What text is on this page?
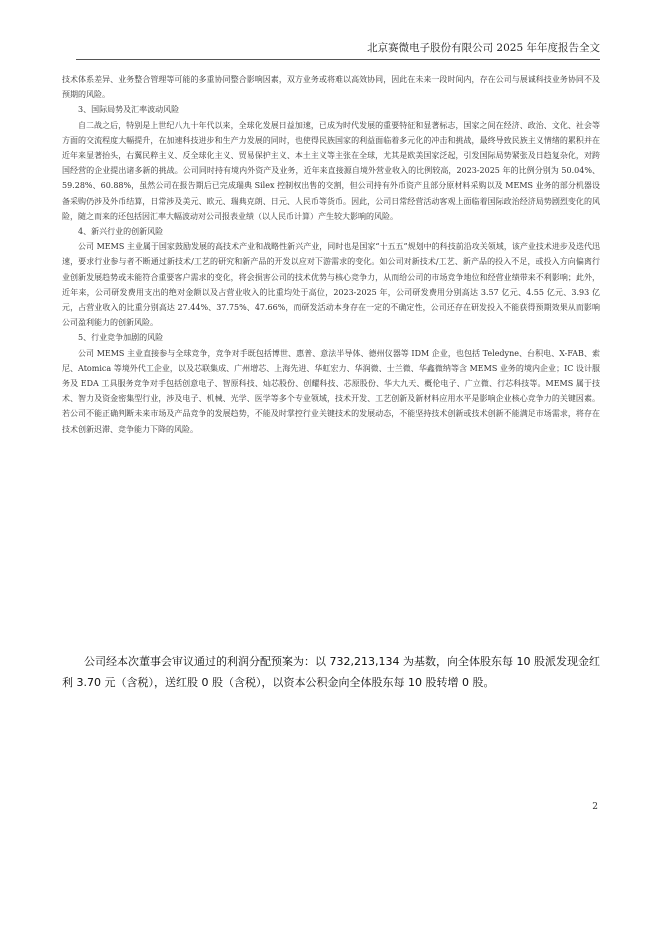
北京赛微电子股份有限公司 2025 年年度报告全文

技术体系差异、业务整合管理等可能的多重协同整合影响因素，双方业务或将难以高效协同，因此在未来一段时间内，存在公司与展诚科技业务协同不及预期的风险。

3、国际局势及汇率波动风险

自二战之后，特别是上世纪八九十年代以来，全球化发展日益加速，已成为时代发展的重要特征和显著标志，国家之间在经济、政治、文化、社会等方面的交流程度大幅提升，在加速科技进步和生产力发展的同时，也使得民族国家的利益面临着多元化的冲击和挑战，最终导致民族主义情绪的累积并在近年来显著抬头，右翼民粹主义、反全球化主义、贸易保护主义、本土主义等主张在全球，尤其是欧美国家泛起，引发国际局势紧张及日趋复杂化，对跨国经营的企业提出诸多新的挑战。公司同时持有境内外资产及业务，近年来直接源自境外营业收入的比例较高，2023-2025 年的比例分别为 50.04%、59.28%、60.88%，虽然公司在报告期后已完成瑞典 Silex 控制权出售的交割，但公司持有外币资产且部分原材料采购以及 MEMS 业务的部分机器设备采购仍涉及外币结算，日常涉及美元、欧元、瑞典克朗、日元、人民币等货币。因此，公司日常经营活动客观上面临着国际政治经济局势剧烈变化的风险，随之而来的还包括因汇率大幅波动对公司报表业绩（以人民币计算）产生较大影响的风险。

4、新兴行业的创新风险

公司 MEMS 主业属于国家鼓励发展的高技术产业和战略性新兴产业，同时也是国家“十五五”规划中的科技前沿攻关领域，该产业技术进步及迭代迅速，要求行业参与者不断通过新技术/工艺的研究和新产品的开发以应对下游需求的变化。如公司对新技术/工艺、新产品的投入不足，或投入方向偏离行业创新发展趋势或未能符合重要客户需求的变化，将会损害公司的技术优势与核心竞争力，从而给公司的市场竞争地位和经营业绩带来不利影响；此外，近年来，公司研发费用支出的绝对金额以及占营业收入的比重均处于高位，2023-2025 年，公司研发费用分别高达 3.57 亿元、4.55 亿元、3.93 亿元，占营业收入的比重分别高达 27.44%、37.75%、47.66%，而研发活动本身存在一定的不确定性，公司还存在研发投入不能获得预期效果从而影响公司盈利能力的创新风险。

5、行业竞争加剧的风险

公司 MEMS 主业直接参与全球竞争，竞争对手既包括博世、惠普、意法半导体、德州仪器等 IDM 企业，也包括 Teledyne、台积电、X-FAB、索尼、Atomica 等境外代工企业，以及芯联集成、广州增芯、上海先进、华虹宏力、华润微、士兰微、华鑫微纳等含 MEMS 业务的境内企业；IC 设计服务及 EDA 工具服务竞争对手包括创意电子、智原科技、灿芯股份、创耀科技、芯原股份、华大九天、概伦电子、广立微、行芯科技等。MEMS 属于技术、智力及资金密集型行业，涉及电子、机械、光学、医学等多个专业领域，技术开发、工艺创新及新材料应用水平是影响企业核心竞争力的关键因素。若公司不能正确判断未来市场及产品竞争的发展趋势，不能及时掌控行业关键技术的发展动态，不能坚持技术创新或技术创新不能满足市场需求，将存在技术创新迟滞、竞争能力下降的风险。

公司经本次董事会审议通过的利润分配预案为：以 732,213,134 为基数，向全体股东每 10 股派发现金红利 3.70 元（含税），送红股 0 股（含税），以资本公积金向全体股东每 10 股转增 0 股。

2
